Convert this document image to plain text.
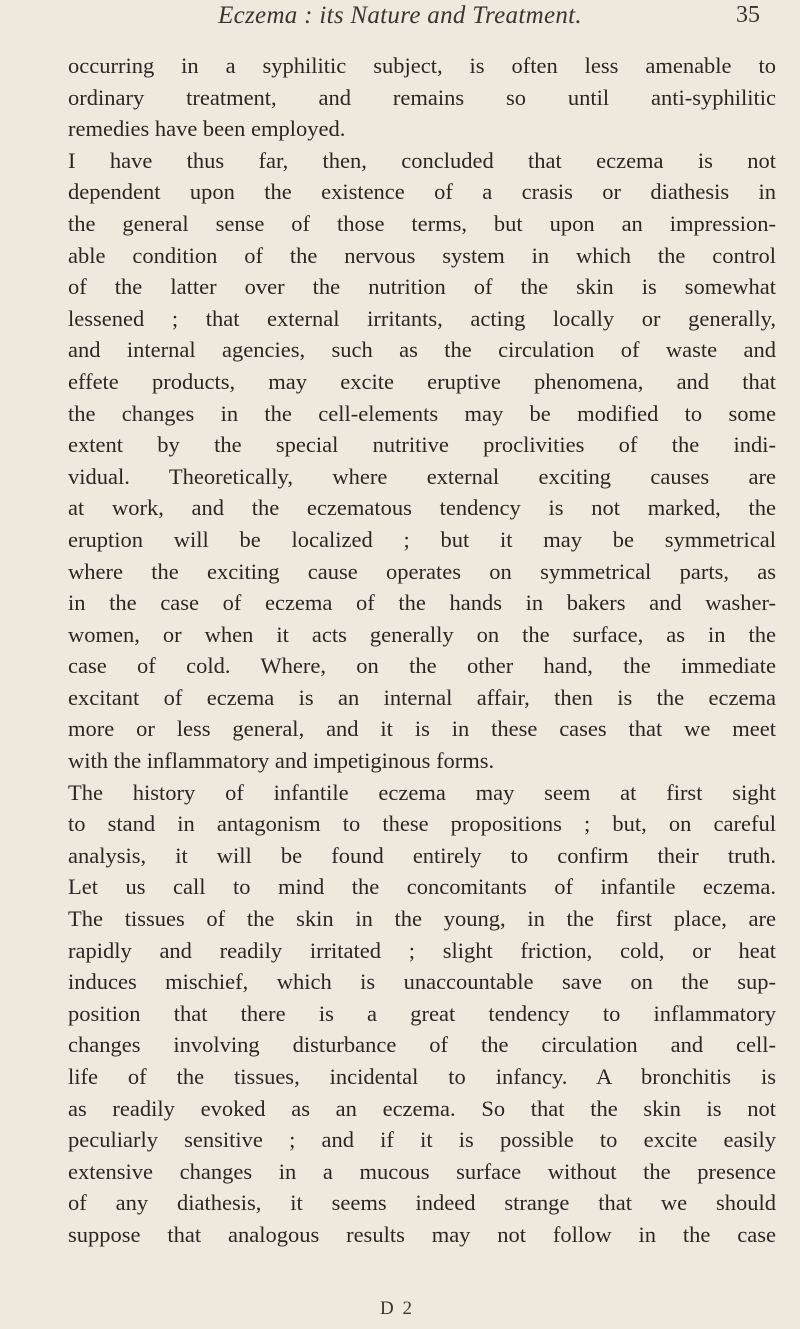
Eczema : its Nature and Treatment.	35
occurring in a syphilitic subject, is often less amenable to
ordinary treatment, and remains so until anti-syphilitic
remedies have been employed.
I have thus far, then, concluded that eczema is not
dependent upon the existence of a crasis or diathesis in
the general sense of those terms, but upon an impression-
able condition of the nervous system in which the control
of the latter over the nutrition of the skin is somewhat
lessened ; that external irritants, acting locally or generally,
and internal agencies, such as the circulation of waste and
effete products, may excite eruptive phenomena, and that
the changes in the cell-elements may be modified to some
extent by the special nutritive proclivities of the indi-
vidual. Theoretically, where external exciting causes are
at work, and the eczematous tendency is not marked, the
eruption will be localized ; but it may be symmetrical
where the exciting cause operates on symmetrical parts, as
in the case of eczema of the hands in bakers and washer-
women, or when it acts generally on the surface, as in the
case of cold. Where, on the other hand, the immediate
excitant of eczema is an internal affair, then is the eczema
more or less general, and it is in these cases that we meet
with the inflammatory and impetiginous forms.
The history of infantile eczema may seem at first sight
to stand in antagonism to these propositions ; but, on careful
analysis, it will be found entirely to confirm their truth.
Let us call to mind the concomitants of infantile eczema.
The tissues of the skin in the young, in the first place, are
rapidly and readily irritated ; slight friction, cold, or heat
induces mischief, which is unaccountable save on the sup-
position that there is a great tendency to inflammatory
changes involving disturbance of the circulation and cell-
life of the tissues, incidental to infancy. A bronchitis is
as readily evoked as an eczema. So that the skin is not
peculiarly sensitive ; and if it is possible to excite easily
extensive changes in a mucous surface without the presence
of any diathesis, it seems indeed strange that we should
suppose that analogous results may not follow in the case
D 2
